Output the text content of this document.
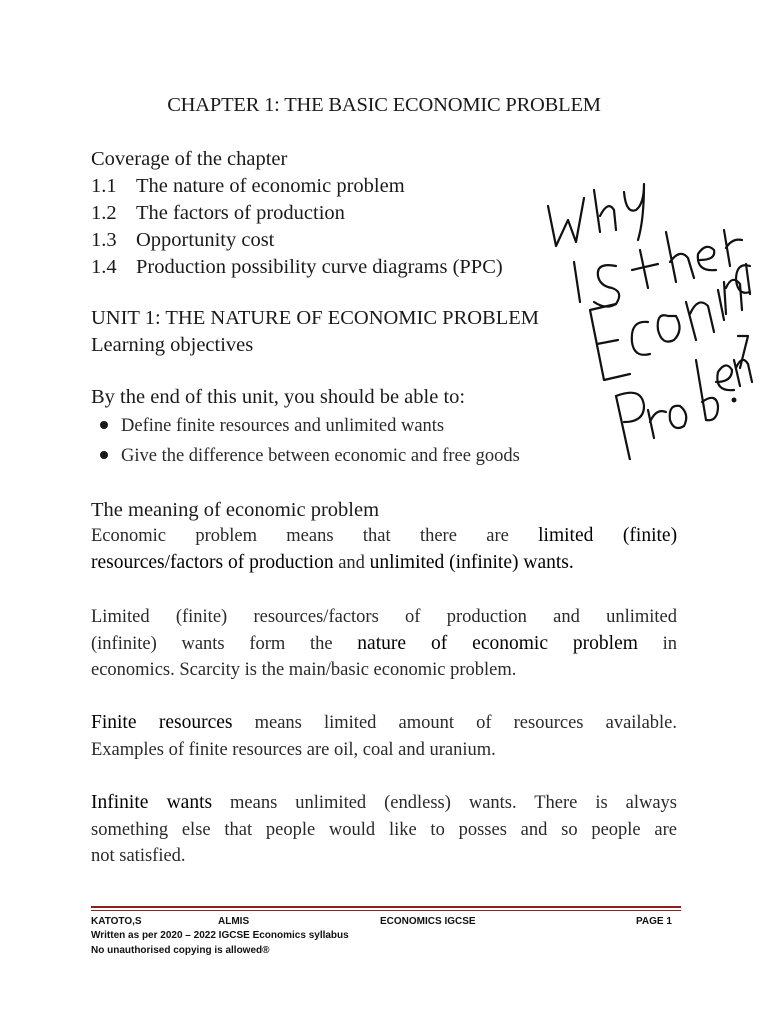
CHAPTER 1: THE BASIC ECONOMIC PROBLEM
Coverage of the chapter
1.1 The nature of economic problem
1.2 The factors of production
1.3 Opportunity cost
1.4 Production possibility curve diagrams (PPC)
UNIT 1: THE NATURE OF ECONOMIC PROBLEM
Learning objectives
By the end of this unit, you should be able to:
Define finite resources and unlimited wants
Give the difference between economic and free goods
The meaning of economic problem
Economic problem means that there are limited (finite)
resources/factors of production and unlimited (infinite) wants.
Limited (finite) resources/factors of production and unlimited
(infinite) wants form the nature of economic problem in
economics. Scarcity is the main/basic economic problem.
Finite resources means limited amount of resources available.
Examples of finite resources are oil, coal and uranium.
Infinite wants means unlimited (endless) wants. There is always
something else that people would like to posses and so people are
not satisfied.
KATOTO,S	ALMIS	ECONOMICS IGCSE	PAGE 1
Written as per 2020 – 2022 IGCSE Economics syllabus
No unauthorised copying is allowed®
